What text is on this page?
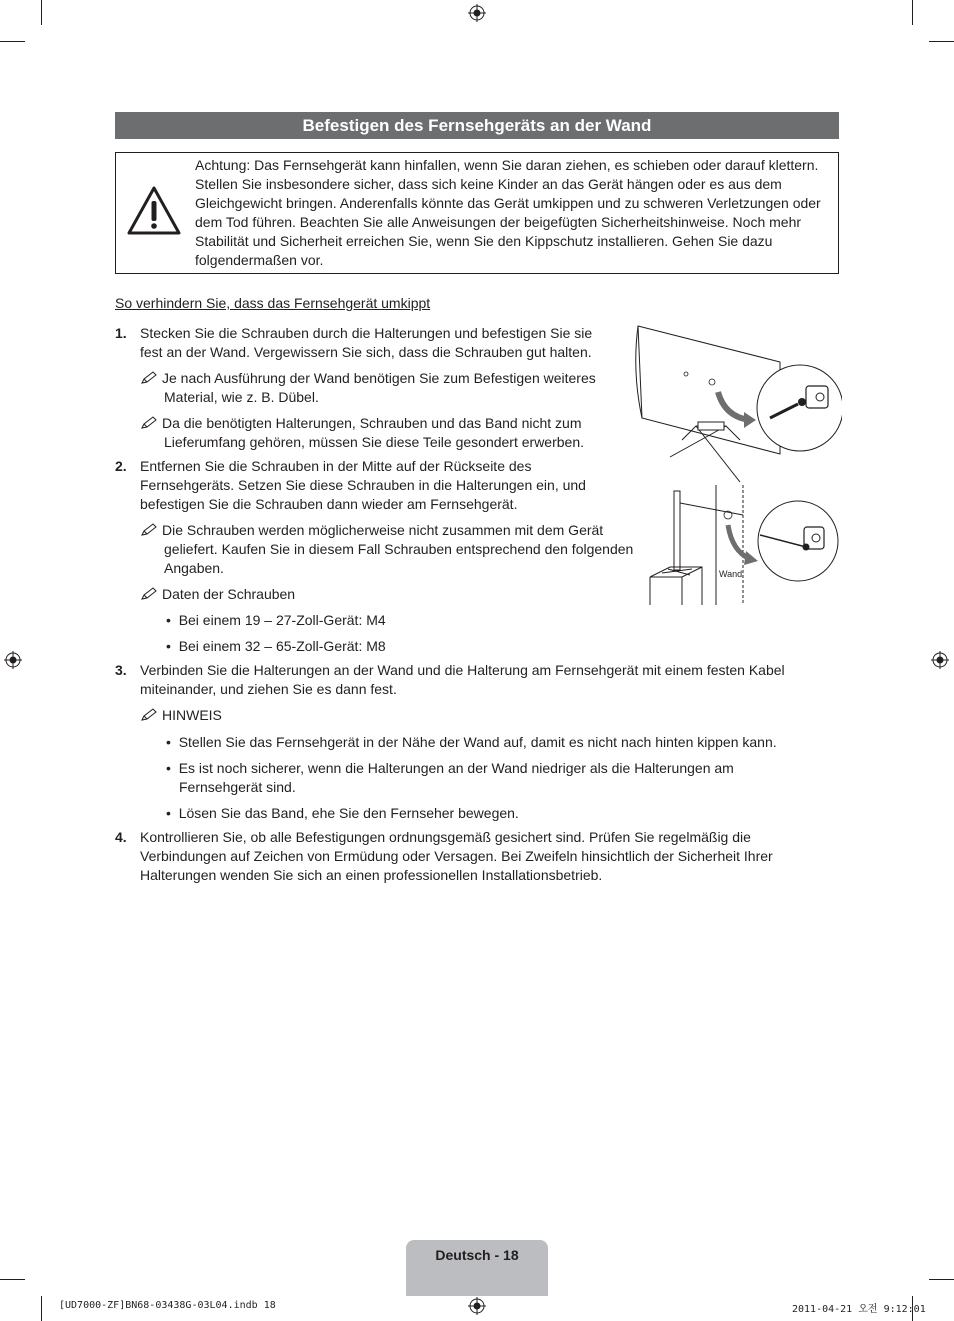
Befestigen des Fernsehgeräts an der Wand
Achtung: Das Fernsehgerät kann hinfallen, wenn Sie daran ziehen, es schieben oder darauf klettern. Stellen Sie insbesondere sicher, dass sich keine Kinder an das Gerät hängen oder es aus dem Gleichgewicht bringen. Anderenfalls könnte das Gerät umkippen und zu schweren Verletzungen oder dem Tod führen. Beachten Sie alle Anweisungen der beigefügten Sicherheitshinweise. Noch mehr Stabilität und Sicherheit erreichen Sie, wenn Sie den Kippschutz installieren. Gehen Sie dazu folgendermaßen vor.
So verhindern Sie, dass das Fernsehgerät umkippt
1. Stecken Sie die Schrauben durch die Halterungen und befestigen Sie sie fest an der Wand. Vergewissern Sie sich, dass die Schrauben gut halten.
Je nach Ausführung der Wand benötigen Sie zum Befestigen weiteres Material, wie z. B. Dübel.
Da die benötigten Halterungen, Schrauben und das Band nicht zum Lieferumfang gehören, müssen Sie diese Teile gesondert erwerben.
2. Entfernen Sie die Schrauben in der Mitte auf der Rückseite des Fernsehgeräts. Setzen Sie diese Schrauben in die Halterungen ein, und befestigen Sie die Schrauben dann wieder am Fernsehgerät.
Die Schrauben werden möglicherweise nicht zusammen mit dem Gerät geliefert. Kaufen Sie in diesem Fall Schrauben entsprechend den folgenden Angaben.
Daten der Schrauben
•  Bei einem 19 – 27-Zoll-Gerät: M4
•  Bei einem 32 – 65-Zoll-Gerät: M8
3. Verbinden Sie die Halterungen an der Wand und die Halterung am Fernsehgerät mit einem festen Kabel miteinander, und ziehen Sie es dann fest.
HINWEIS
•  Stellen Sie das Fernsehgerät in der Nähe der Wand auf, damit es nicht nach hinten kippen kann.
•  Es ist noch sicherer, wenn die Halterungen an der Wand niedriger als die Halterungen am Fernsehgerät sind.
•  Lösen Sie das Band, ehe Sie den Fernseher bewegen.
4. Kontrollieren Sie, ob alle Befestigungen ordnungsgemäß gesichert sind. Prüfen Sie regelmäßig die Verbindungen auf Zeichen von Ermüdung oder Versagen. Bei Zweifeln hinsichtlich der Sicherheit Ihrer Halterungen wenden Sie sich an einen professionellen Installationsbetrieb.
Wand
Deutsch - 18
[UD7000-ZF]BN68-03438G-03L04.indb 18	2011-04-21 오전 9:12:01
